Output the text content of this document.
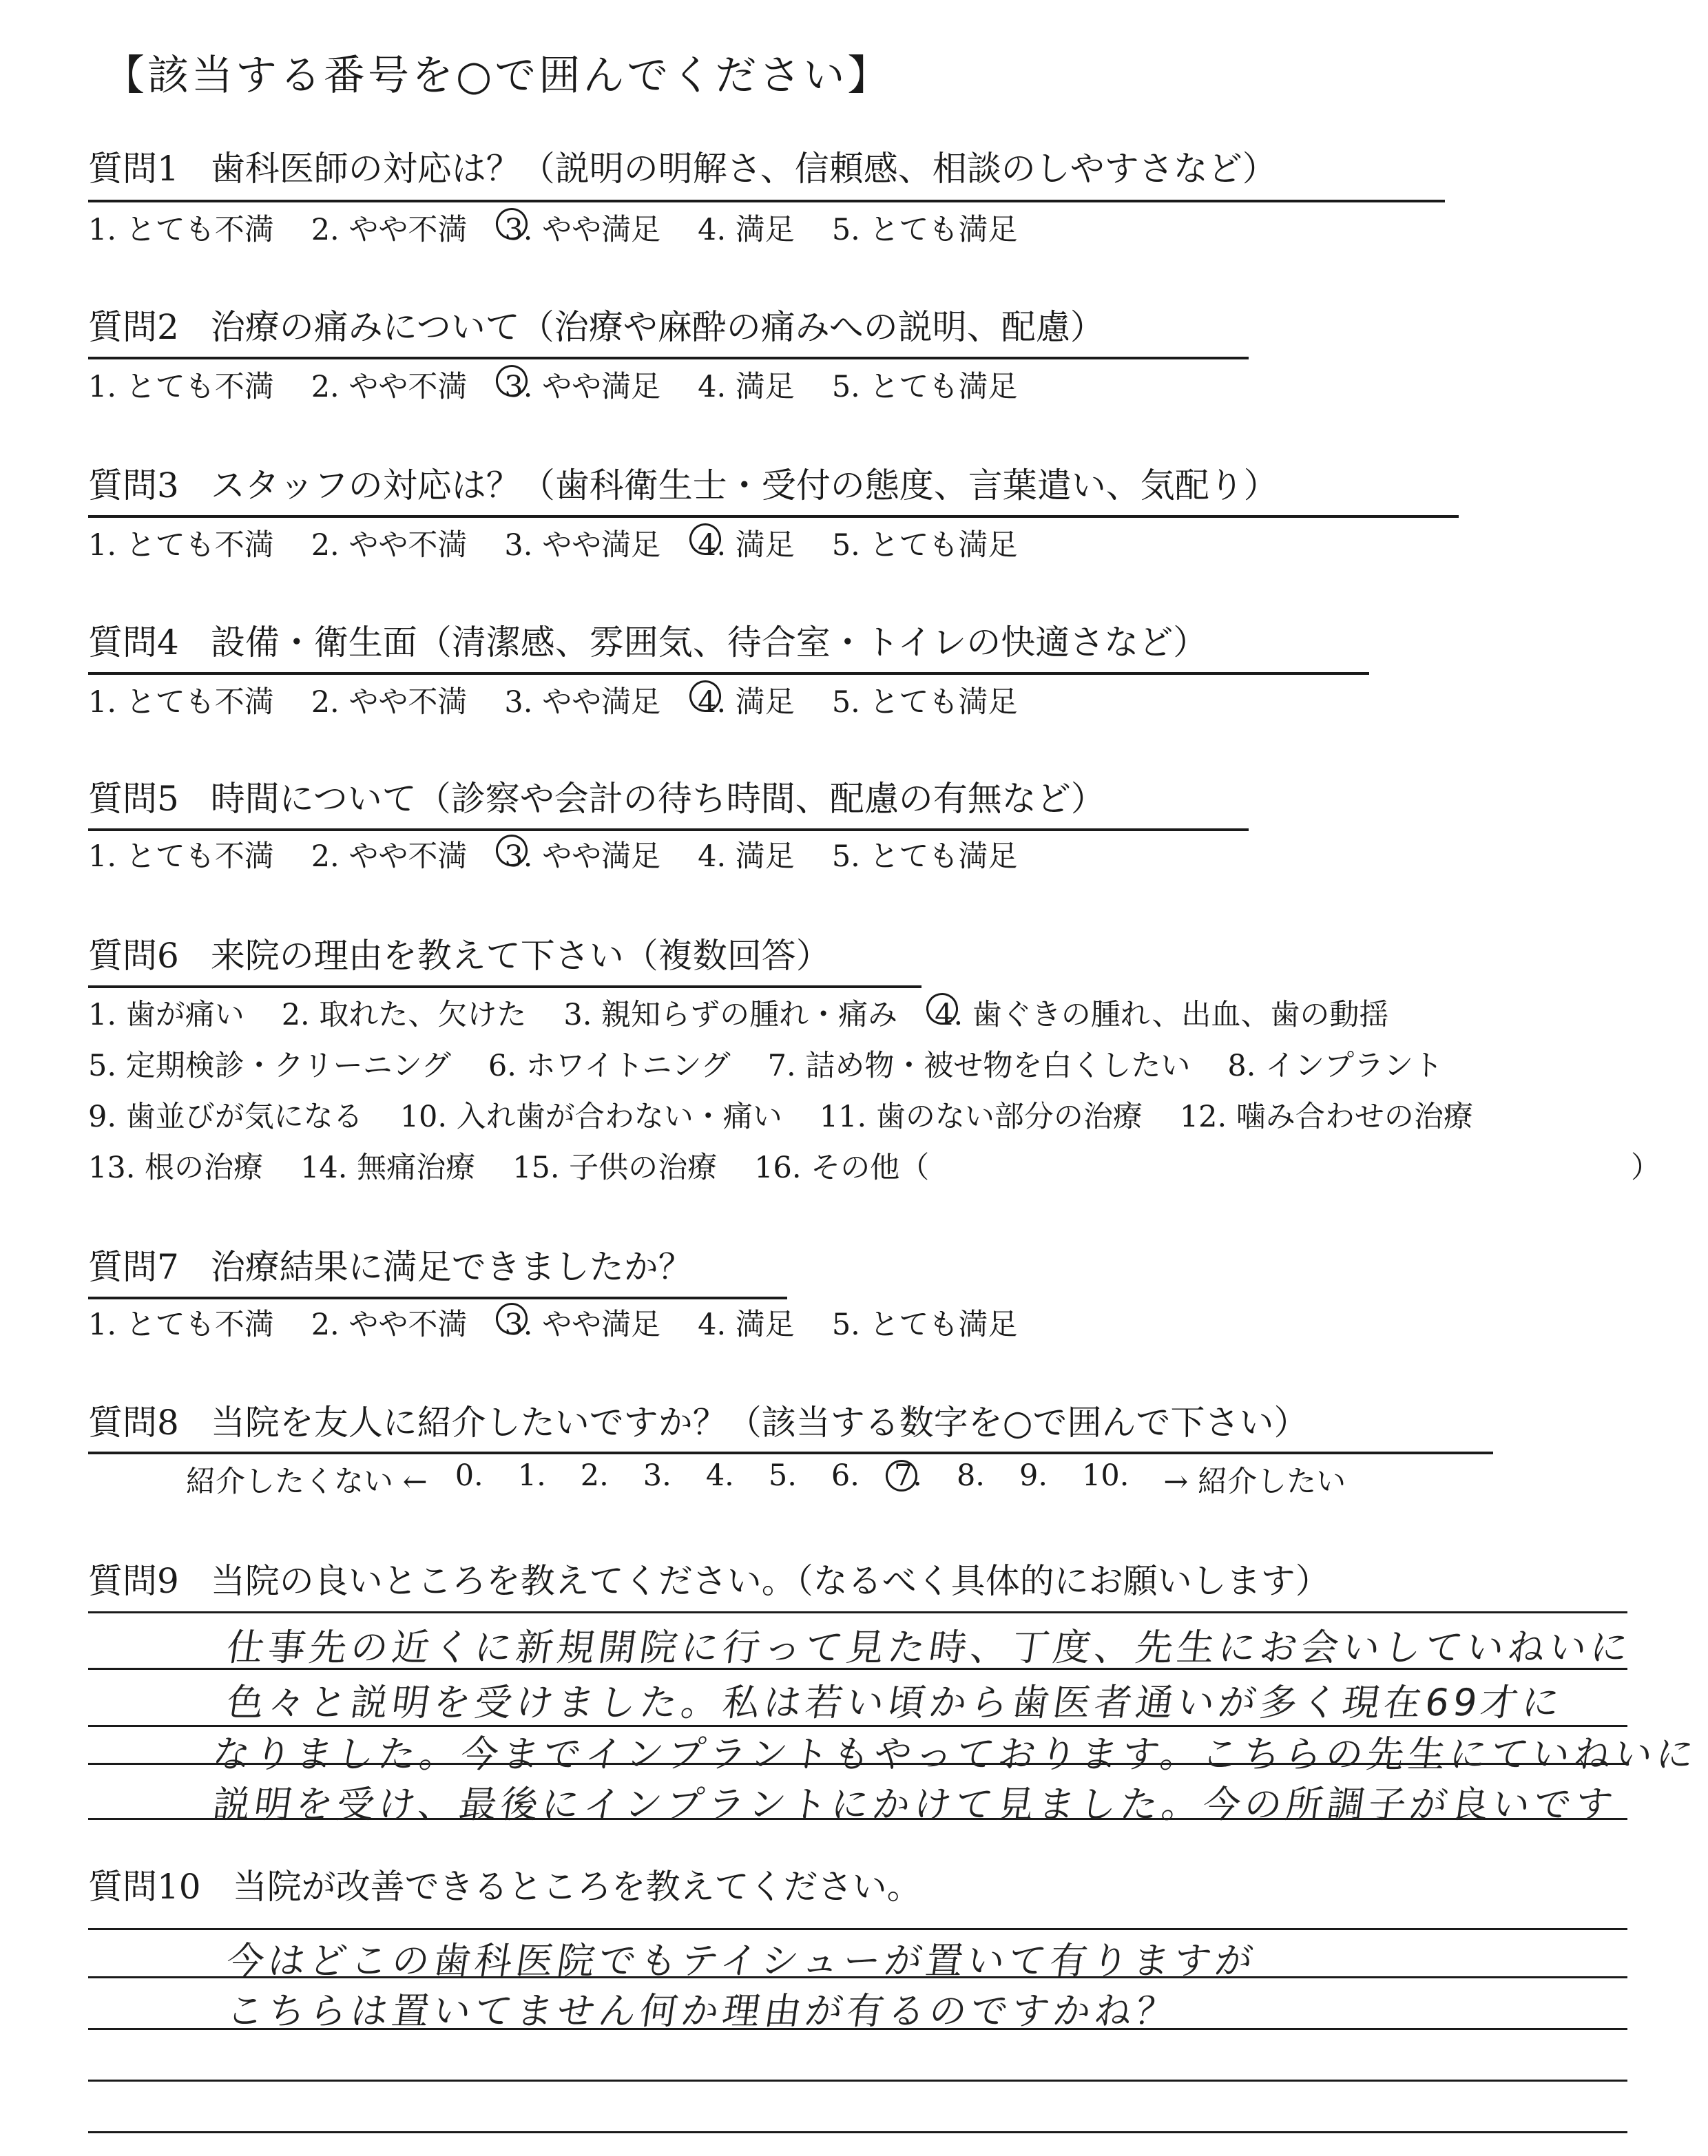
【該当する番号を○で囲んでください】
質問1 歯科医師の対応は？（説明の明解さ、信頼感、相談のしやすさなど）
1. とても不満 2. やや不満 3. やや満足 4. 満足 5. とても満足
質問2 治療の痛みについて（治療や麻酔の痛みへの説明、配慮）
1. とても不満 2. やや不満 3. やや満足 4. 満足 5. とても満足
質問3 スタッフの対応は？（歯科衛生士・受付の態度、言葉遣い、気配り）
1. とても不満 2. やや不満 3. やや満足 4. 満足 5. とても満足
質問4 設備・衛生面（清潔感、雰囲気、待合室・トイレの快適さなど）
1. とても不満 2. やや不満 3. やや満足 4. 満足 5. とても満足
質問5 時間について（診察や会計の待ち時間、配慮の有無など）
1. とても不満 2. やや不満 3. やや満足 4. 満足 5. とても満足
質問6 来院の理由を教えて下さい（複数回答）
1. 歯が痛い 2. 取れた、欠けた 3. 親知らずの腫れ・痛み 4. 歯ぐきの腫れ、出血、歯の動揺
5. 定期検診・クリーニング 6. ホワイトニング 7. 詰め物・被せ物を白くしたい 8. インプラント
9. 歯並びが気になる 10. 入れ歯が合わない・痛い 11. 歯のない部分の治療 12. 噛み合わせの治療
13. 根の治療 14. 無痛治療 15. 子供の治療 16. その他（	）
質問7 治療結果に満足できましたか？
1. とても不満 2. やや不満 3. やや満足 4. 満足 5. とても満足
質問8 当院を友人に紹介したいですか？（該当する数字を○で囲んで下さい）
紹介したくない ← 0. 1. 2. 3. 4. 5. 6. 7. 8. 9. 10. → 紹介したい
質問9 当院の良いところを教えてください。（なるべく具体的にお願いします）
仕事先の近くに新規開院に行って見た時、丁度、先生にお会いしていねいに
色々と説明を受けました。私は若い頃から歯医者通いが多く現在69才に
なりました。今までインプラントもやっております。こちらの先生にていねいに
説明を受け、最後にインプラントにかけて見ました。今の所調子が良いです
質問10 当院が改善できるところを教えてください。
今はどこの歯科医院でもテイシューが置いて有りますが
こちらは置いてません何か理由が有るのですかね？
